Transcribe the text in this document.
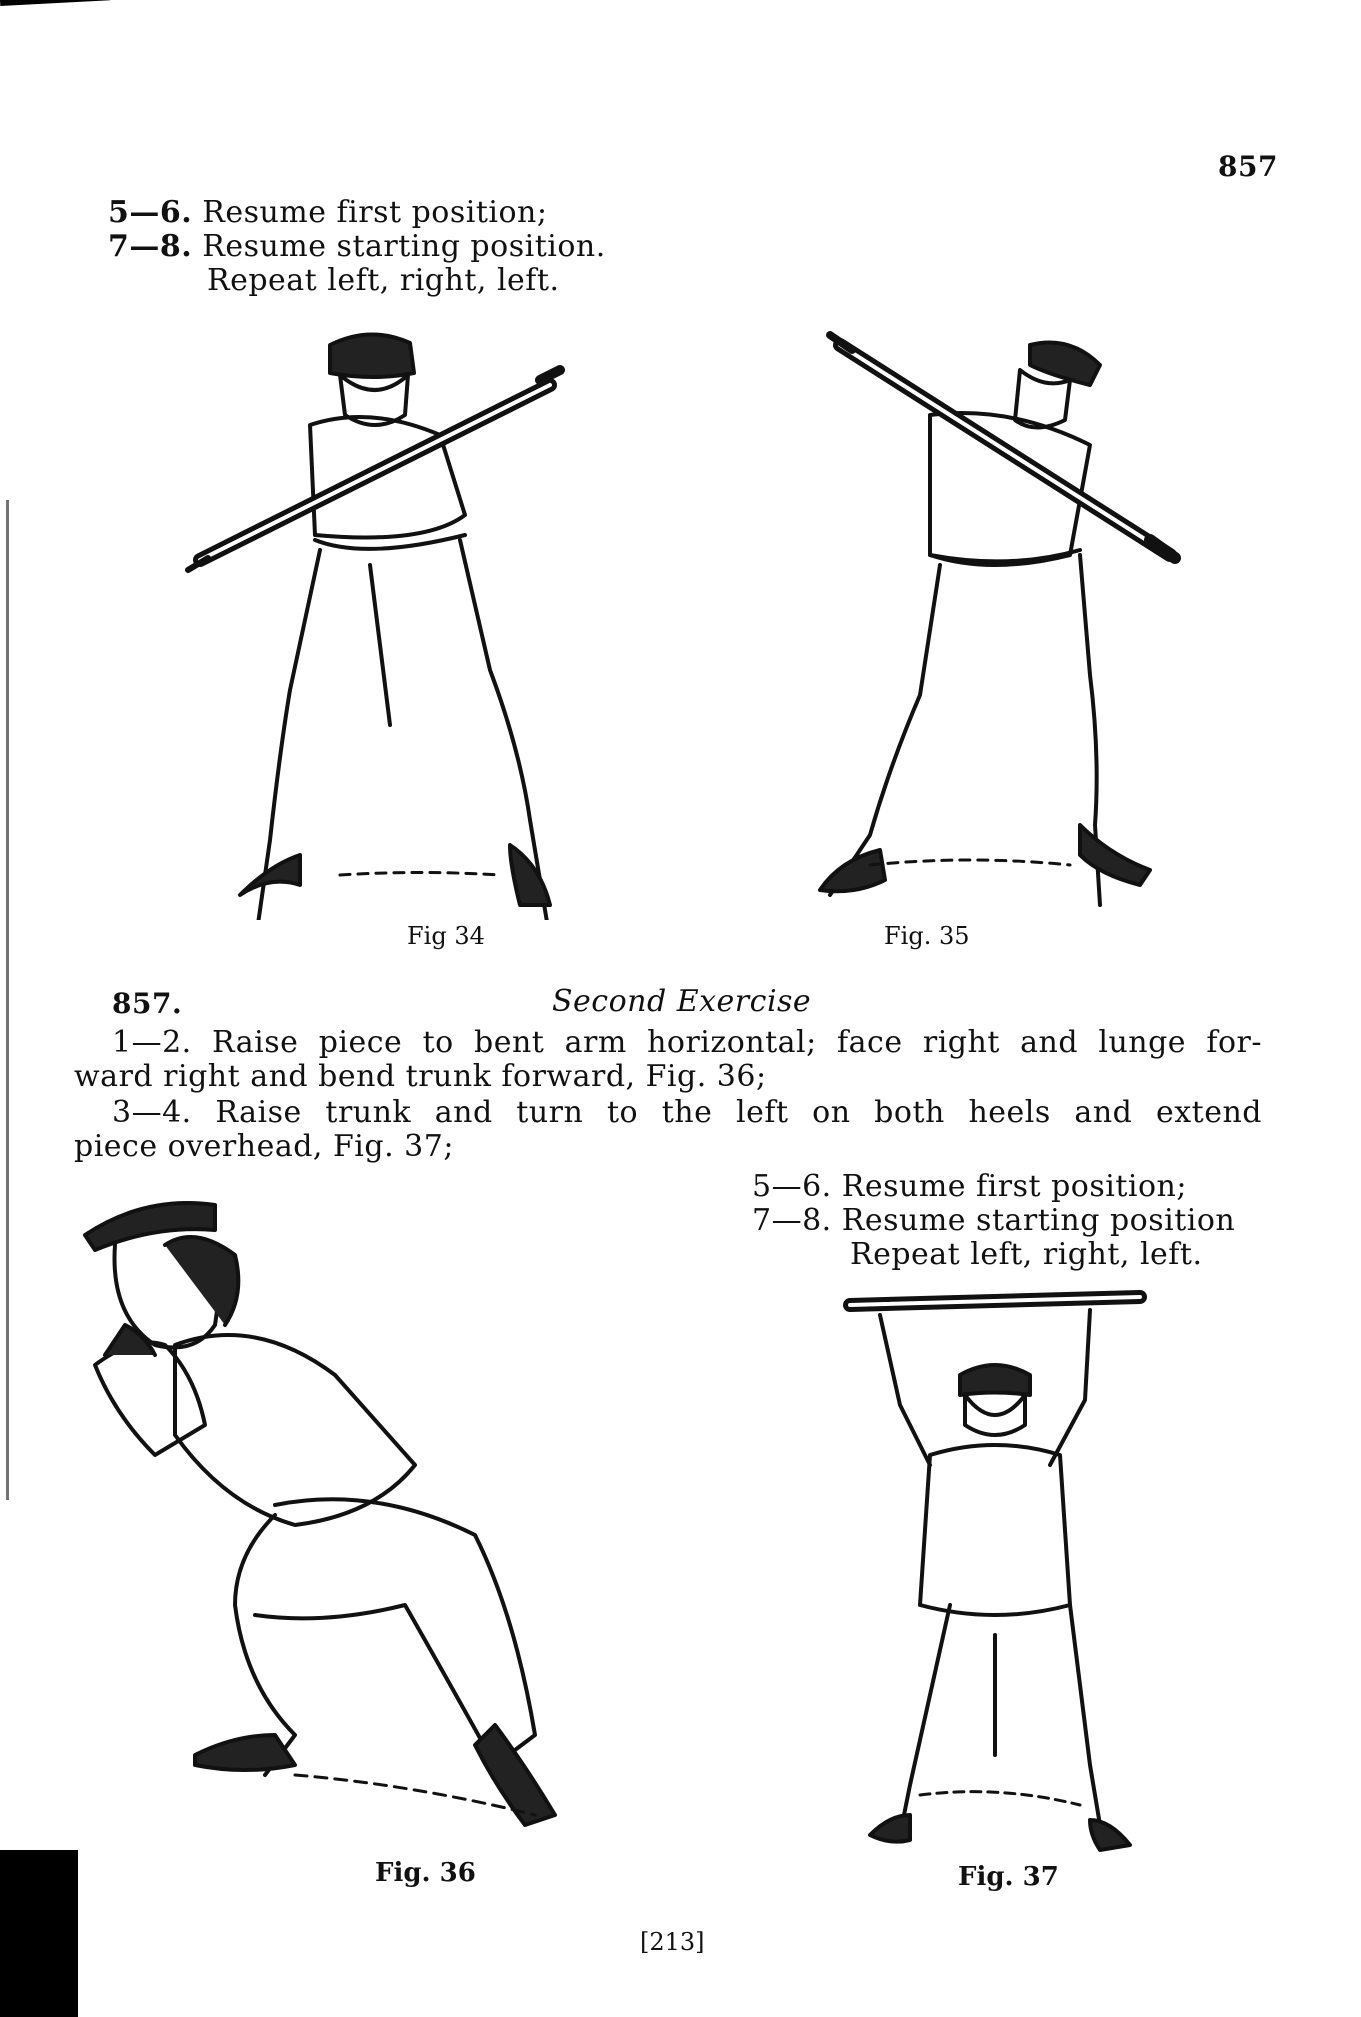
857
5—6. Resume first position;
7—8. Resume starting position.
Repeat left, right, left.
Fig 34	Fig. 35
857.	Second Exercise
1—2. Raise piece to bent arm horizontal; face right and lunge for-
ward right and bend trunk forward, Fig. 36;
3—4. Raise trunk and turn to the left on both heels and extend
piece overhead, Fig. 37;
5—6. Resume first position;
7—8. Resume starting position
Repeat left, right, left.
Fig. 36	Fig. 37
[213]
